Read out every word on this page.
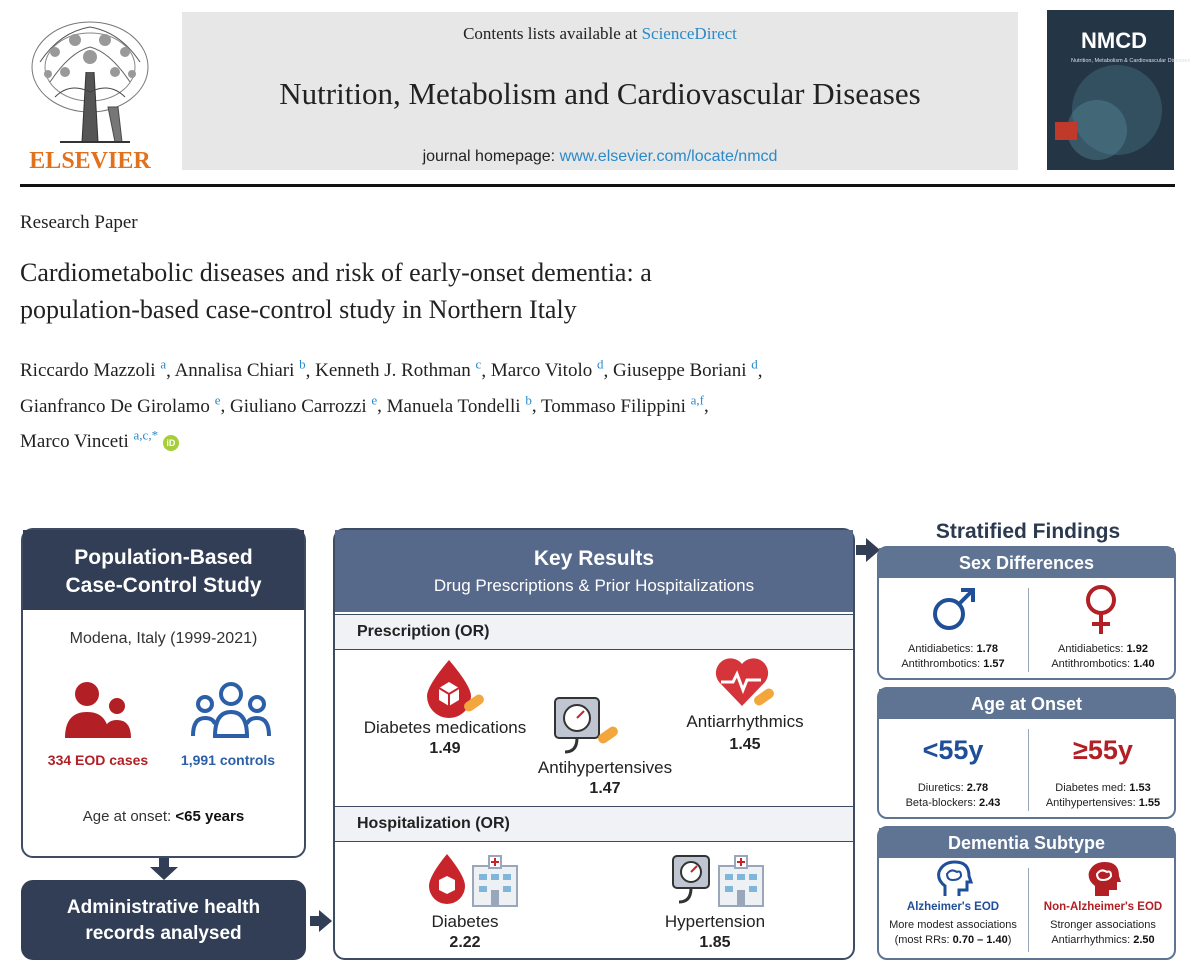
ELSEVIER
Contents lists available at ScienceDirect
Nutrition, Metabolism and Cardiovascular Diseases
journal homepage: www.elsevier.com/locate/nmcd
NMCD
Nutrition, Metabolism & Cardiovascular Diseases
Research Paper
Cardiometabolic diseases and risk of early-onset dementia: a
population-based case-control study in Northern Italy
Riccardo Mazzoli $^a$, Annalisa Chiari $^b$, Kenneth J. Rothman $^c$, Marco Vitolo $^d$, Giuseppe Boriani $^d$,
Gianfranco De Girolamo $^e$, Giuliano Carrozzi $^e$, Manuela Tondelli $^b$, Tommaso Filippini $^{a,f}$,
Marco Vinceti $^{a,c,*}$ iD
Population-Based
Case-Control Study
Modena, Italy (1999-2021)
334 EOD cases	1,991 controls
Age at onset: <65 years
Administrative health
records analysed
Key Results
Drug Prescriptions & Prior Hospitalizations
Prescription (OR)
Diabetes medications
1.49
Antihypertensives
1.47
Antiarrhythmics
1.45
Hospitalization (OR)
Diabetes
2.22
Hypertension
1.85
Stratified Findings
Sex Differences
Antidiabetics: 1.78
Antithrombotics: 1.57
Antidiabetics: 1.92
Antithrombotics: 1.40
Age at Onset
<55y	≥55y
Diuretics: 2.78
Beta-blockers: 2.43
Diabetes med: 1.53
Antihypertensives: 1.55
Dementia Subtype
Alzheimer's EOD
More modest associations
(most RRs: 0.70 – 1.40)
Non-Alzheimer's EOD
Stronger associations
Antiarrhythmics: 2.50
